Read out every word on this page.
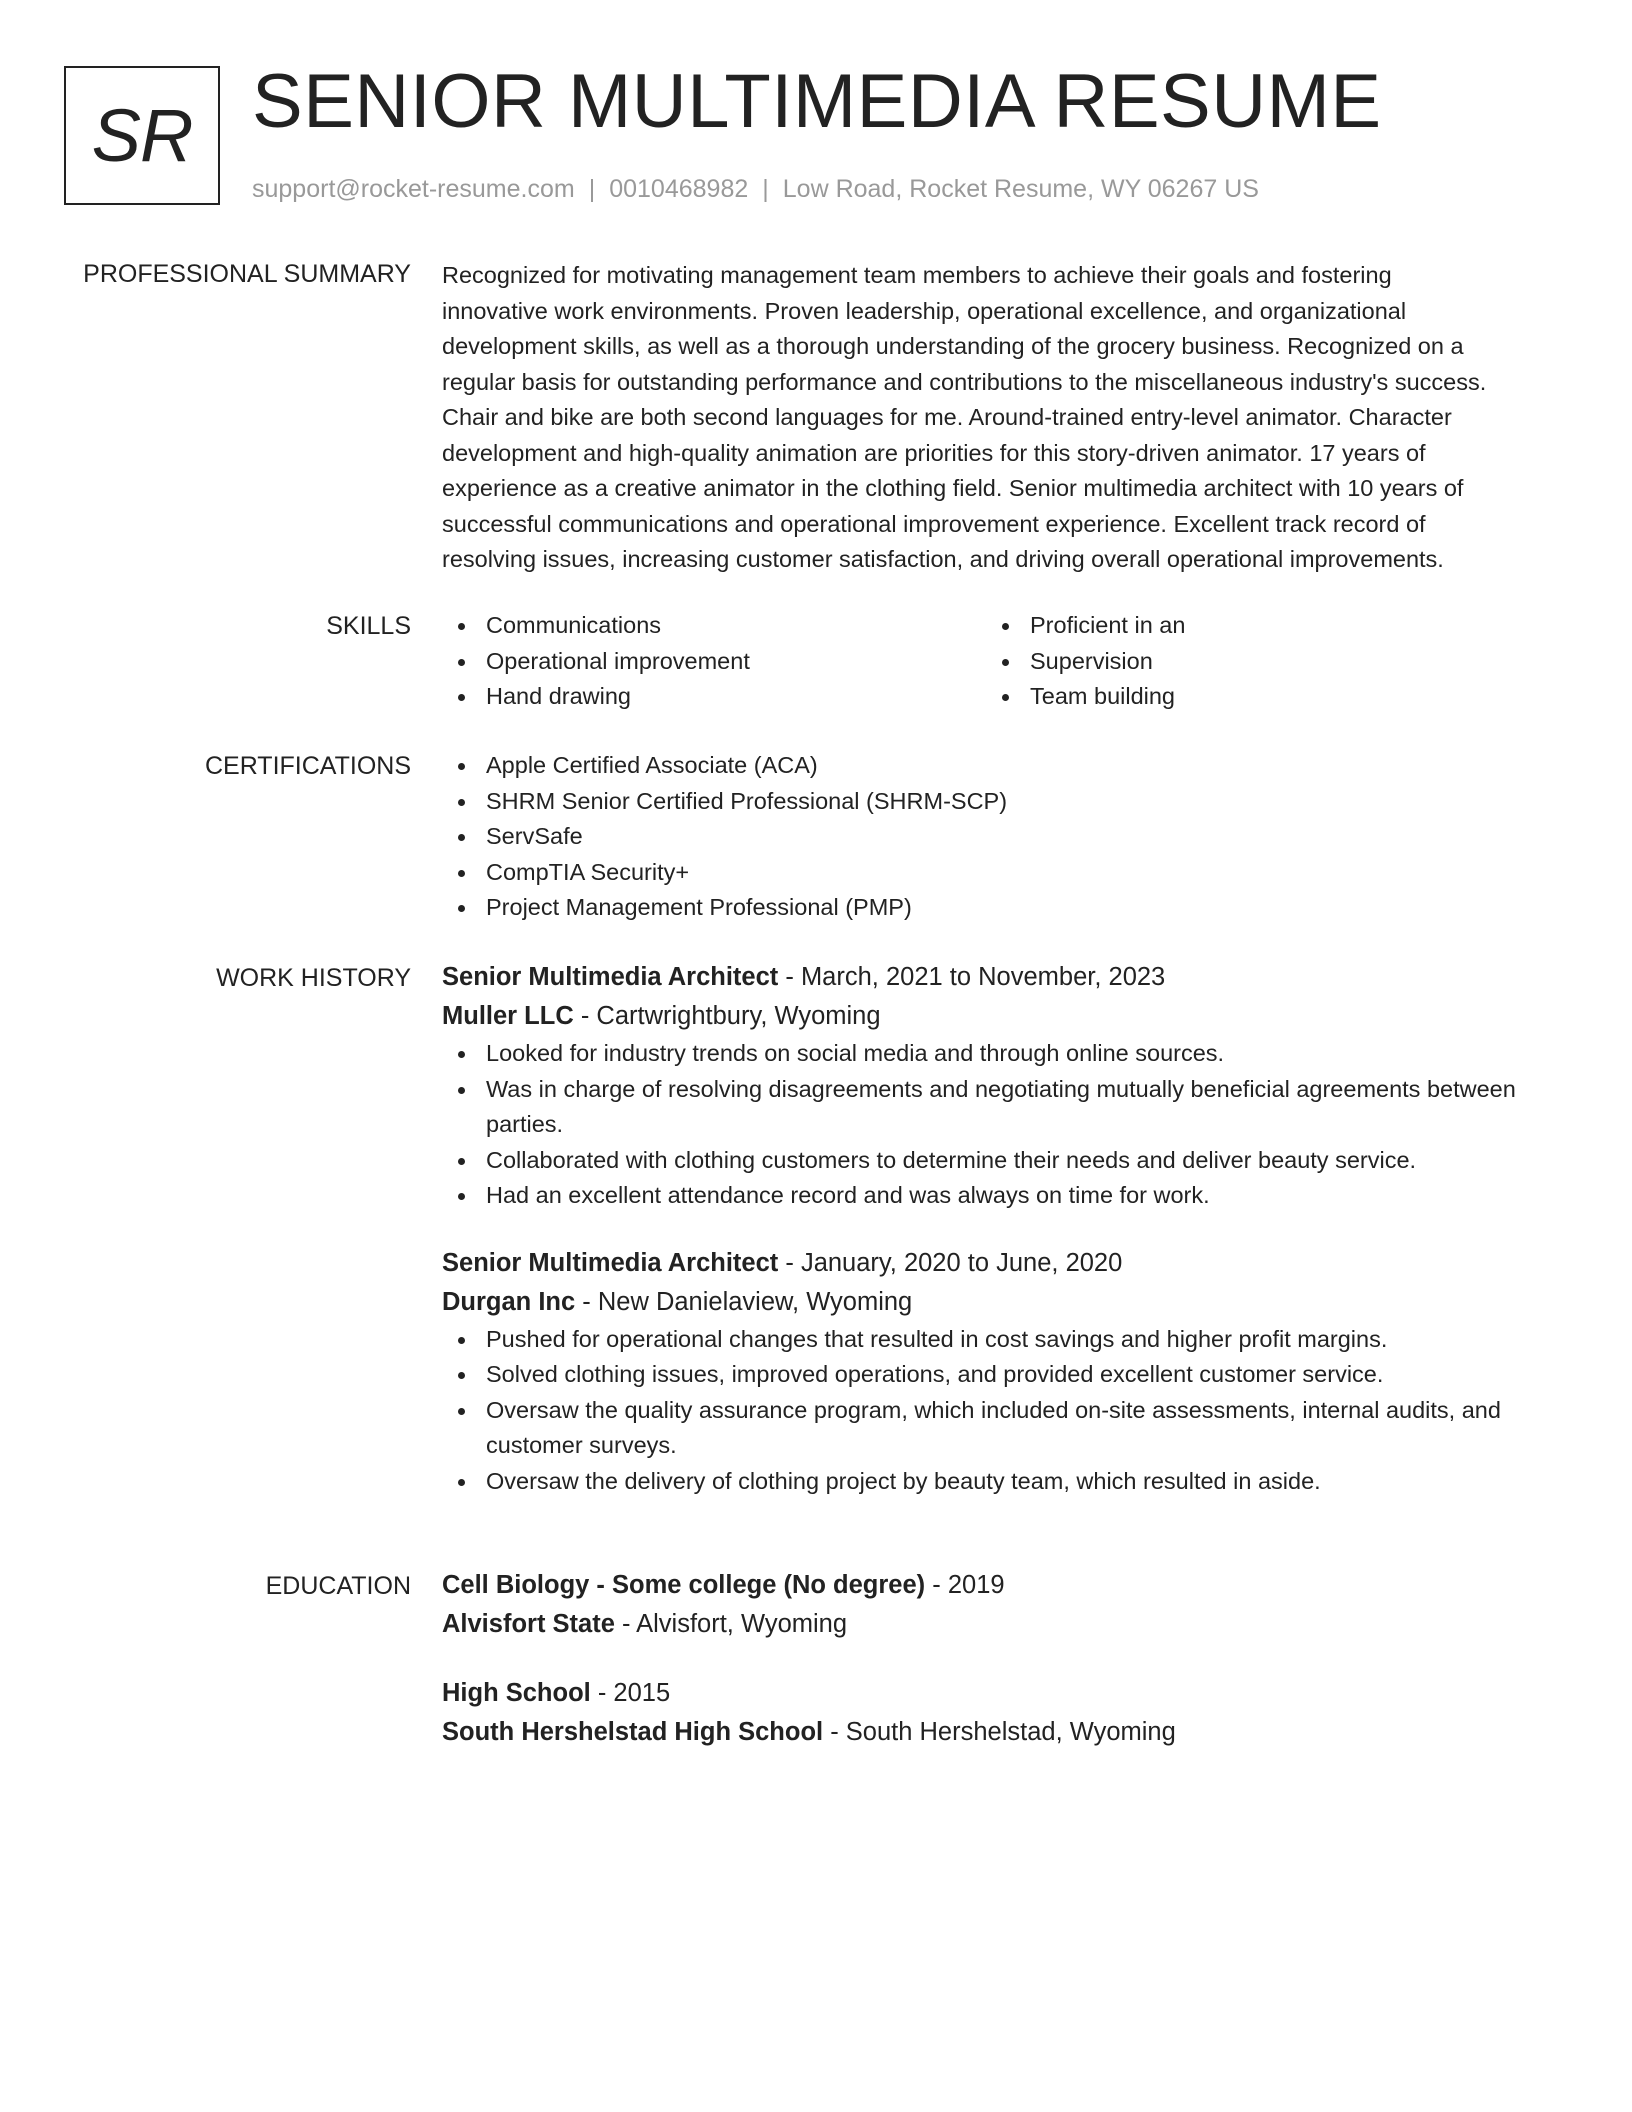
SR SENIOR MULTIMEDIA RESUME
support@rocket-resume.com | 0010468982 | Low Road, Rocket Resume, WY 06267 US
PROFESSIONAL SUMMARY Recognized for motivating management team members to achieve their goals and fostering
innovative work environments. Proven leadership, operational excellence, and organizational
development skills, as well as a thorough understanding of the grocery business. Recognized on a
regular basis for outstanding performance and contributions to the miscellaneous industry's success.
Chair and bike are both second languages for me. Around-trained entry-level animator. Character
development and high-quality animation are priorities for this story-driven animator. 17 years of
experience as a creative animator in the clothing field. Senior multimedia architect with 10 years of
successful communications and operational improvement experience. Excellent track record of
resolving issues, increasing customer satisfaction, and driving overall operational improvements.
SKILLS	Communications
Operational improvement
Hand drawing
Proficient in an
Supervision
Team building
CERTIFICATIONS	Apple Certified Associate (ACA)
SHRM Senior Certified Professional (SHRM-SCP)
ServSafe
CompTIA Security+
Project Management Professional (PMP)
WORK HISTORY Senior Multimedia Architect - March, 2021 to November, 2023
Muller LLC - Cartwrightbury, Wyoming
Looked for industry trends on social media and through online sources.
Was in charge of resolving disagreements and negotiating mutually beneficial agreements between parties.
Collaborated with clothing customers to determine their needs and deliver beauty service.
Had an excellent attendance record and was always on time for work.
Senior Multimedia Architect - January, 2020 to June, 2020
Durgan Inc - New Danielaview, Wyoming
Pushed for operational changes that resulted in cost savings and higher profit margins.
Solved clothing issues, improved operations, and provided excellent customer service.
Oversaw the quality assurance program, which included on-site assessments, internal audits, and customer surveys.
Oversaw the delivery of clothing project by beauty team, which resulted in aside.
EDUCATION Cell Biology - Some college (No degree) - 2019
Alvisfort State - Alvisfort, Wyoming
High School - 2015
South Hershelstad High School - South Hershelstad, Wyoming
